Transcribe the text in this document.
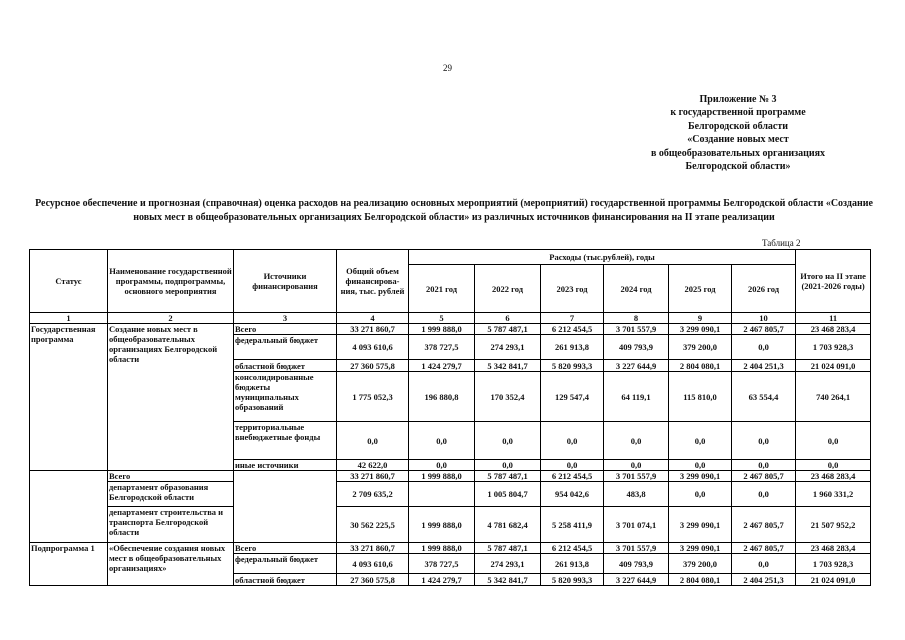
29
Приложение № 3
к государственной программе
Белгородской области
«Создание новых мест
в общеобразовательных организациях
Белгородской области»
Ресурсное обеспечение и прогнозная (справочная) оценка расходов на реализацию основных мероприятий (мероприятий) государственной программы Белгородской области «Создание новых мест в общеобразовательных организациях Белгородской области» из различных источников финансирования на II этапе реализации
Таблица 2
Статус	Наименование государственной программы, подпрограммы, основного мероприятия	Источники финансирования	Общий объем финансирова-ния, тыс. рублей	Расходы (тыс.рублей), годы						Итого на II этапе (2021-2026 годы)
				2021 год	2022 год	2023 год	2024 год	2025 год	2026 год	
1	2	3	4	5	6	7	8	9	10	11
Государственная программа	Создание новых мест в общеобразовательных организациях Белгородской области	Всего	33 271 860,7	1 999 888,0	5 787 487,1	6 212 454,5	3 701 557,9	3 299 090,1	2 467 805,7	23 468 283,4
		федеральный бюджет	4 093 610,6	378 727,5	274 293,1	261 913,8	409 793,9	379 200,0	0,0	1 703 928,3
		областной бюджет	27 360 575,8	1 424 279,7	5 342 841,7	5 820 993,3	3 227 644,9	2 804 080,1	2 404 251,3	21 024 091,0
		консолидированные бюджеты муниципальных образований	1 775 052,3	196 880,8	170 352,4	129 547,4	64 119,1	115 810,0	63 554,4	740 264,1
		территориальные внебюджетные фонды	0,0	0,0	0,0	0,0	0,0	0,0	0,0	0,0
		иные источники	42 622,0	0,0	0,0	0,0	0,0	0,0	0,0	0,0
	Всего		33 271 860,7	1 999 888,0	5 787 487,1	6 212 454,5	3 701 557,9	3 299 090,1	2 467 805,7	23 468 283,4
	департамент образования Белгородской области		2 709 635,2		1 005 804,7	954 042,6	483,8	0,0	0,0	1 960 331,2
	департамент строительства и транспорта Белгородской области		30 562 225,5	1 999 888,0	4 781 682,4	5 258 411,9	3 701 074,1	3 299 090,1	2 467 805,7	21 507 952,2
Подпрограмма 1	«Обеспечение создания новых мест в общеобразовательных организациях»	Всего	33 271 860,7	1 999 888,0	5 787 487,1	6 212 454,5	3 701 557,9	3 299 090,1	2 467 805,7	23 468 283,4
		федеральный бюджет	4 093 610,6	378 727,5	274 293,1	261 913,8	409 793,9	379 200,0	0,0	1 703 928,3
		областной бюджет	27 360 575,8	1 424 279,7	5 342 841,7	5 820 993,3	3 227 644,9	2 804 080,1	2 404 251,3	21 024 091,0
